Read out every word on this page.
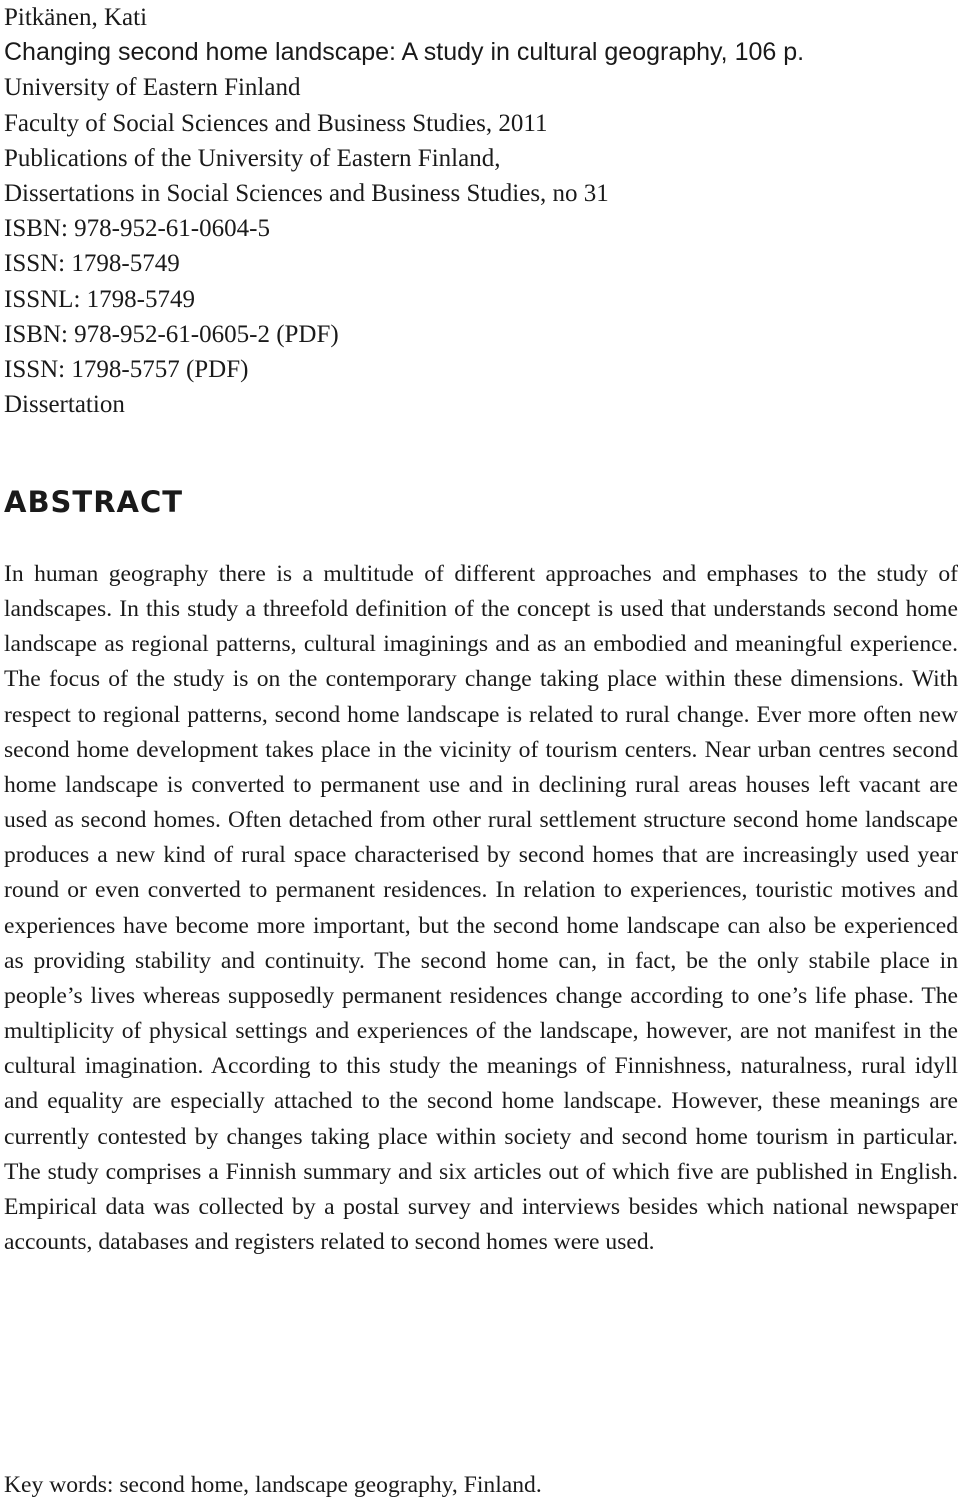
Pitkänen, Kati
Changing second home landscape: A study in cultural geography, 106 p.
University of Eastern Finland
Faculty of Social Sciences and Business Studies, 2011
Publications of the University of Eastern Finland,
Dissertations in Social Sciences and Business Studies, no 31
ISBN: 978-952-61-0604-5
ISSN: 1798-5749
ISSNL: 1798-5749
ISBN: 978-952-61-0605-2 (PDF)
ISSN: 1798-5757 (PDF)
Dissertation
ABSTRACT

In human geography there is a multitude of different approaches and emphases to the study of landscapes. In this study a threefold definition of the concept is used that understands second home landscape as regional patterns, cultural imaginings and as an embodied and meaningful experience. The focus of the study is on the contemporary change taking place within these dimensions. With respect to regional patterns, second home landscape is related to rural change. Ever more often new second home development takes place in the vicinity of tourism centers. Near urban centres second home landscape is converted to permanent use and in declining rural areas houses left vacant are used as second homes. Often detached from other rural settlement structure second home landscape produces a new kind of rural space characterised by second homes that are increasingly used year round or even converted to permanent residences. In relation to experiences, touristic motives and experiences have become more important, but the second home landscape can also be experienced as providing stability and continuity. The second home can, in fact, be the only stabile place in people’s lives whereas supposedly permanent residences change according to one’s life phase. The multiplicity of physical settings and experiences of the landscape, however, are not manifest in the cultural imagination. According to this study the meanings of Finnishness, naturalness, rural idyll and equality are especially attached to the second home landscape. However, these meanings are currently contested by changes taking place within society and second home tourism in particular. The study comprises a Finnish summary and six articles out of which five are published in English. Empirical data was collected by a postal survey and interviews besides which national newspaper accounts, databases and registers related to second homes were used.

Key words: second home, landscape geography, Finland.
